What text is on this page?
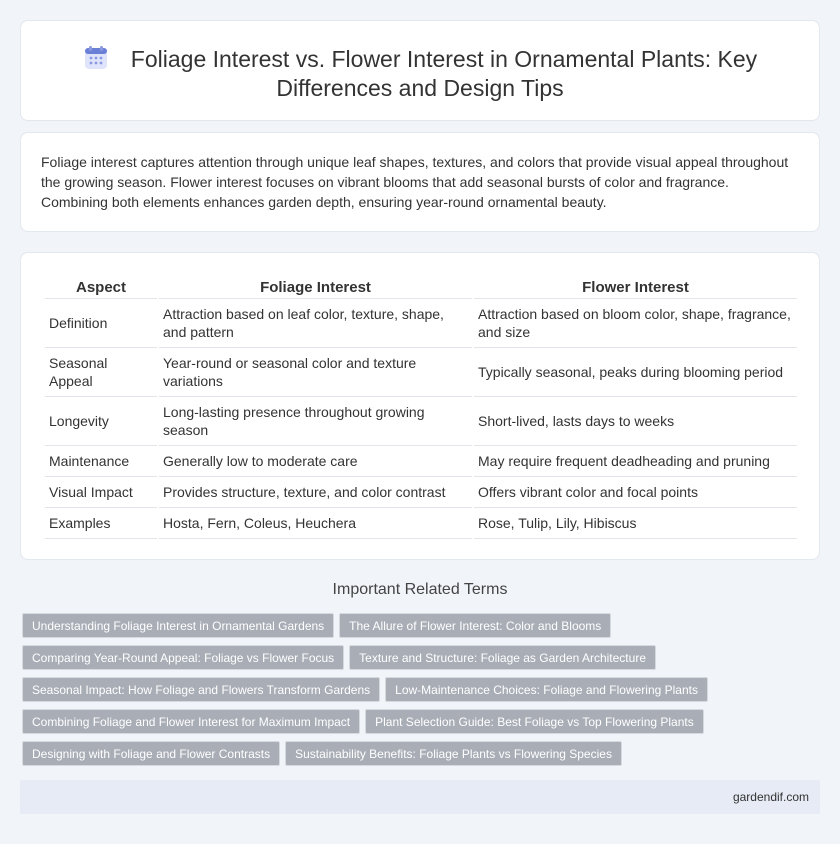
Foliage Interest vs. Flower Interest in Ornamental Plants: Key Differences and Design Tips

Foliage interest captures attention through unique leaf shapes, textures, and colors that provide visual appeal throughout the growing season. Flower interest focuses on vibrant blooms that add seasonal bursts of color and fragrance. Combining both elements enhances garden depth, ensuring year-round ornamental beauty.

Aspect	Foliage Interest	Flower Interest
Definition	Attraction based on leaf color, texture, shape, and pattern	Attraction based on bloom color, shape, fragrance, and size
Seasonal Appeal	Year-round or seasonal color and texture variations	Typically seasonal, peaks during blooming period
Longevity	Long-lasting presence throughout growing season	Short-lived, lasts days to weeks
Maintenance	Generally low to moderate care	May require frequent deadheading and pruning
Visual Impact	Provides structure, texture, and color contrast	Offers vibrant color and focal points
Examples	Hosta, Fern, Coleus, Heuchera	Rose, Tulip, Lily, Hibiscus
Important Related Terms
Understanding Foliage Interest in Ornamental Gardens The Allure of Flower Interest: Color and Blooms
Comparing Year-Round Appeal: Foliage vs Flower Focus Texture and Structure: Foliage as Garden Architecture
Seasonal Impact: How Foliage and Flowers Transform Gardens Low-Maintenance Choices: Foliage and Flowering Plants
Combining Foliage and Flower Interest for Maximum Impact Plant Selection Guide: Best Foliage vs Top Flowering Plants
Designing with Foliage and Flower Contrasts Sustainability Benefits: Foliage Plants vs Flowering Species
gardendif.com
